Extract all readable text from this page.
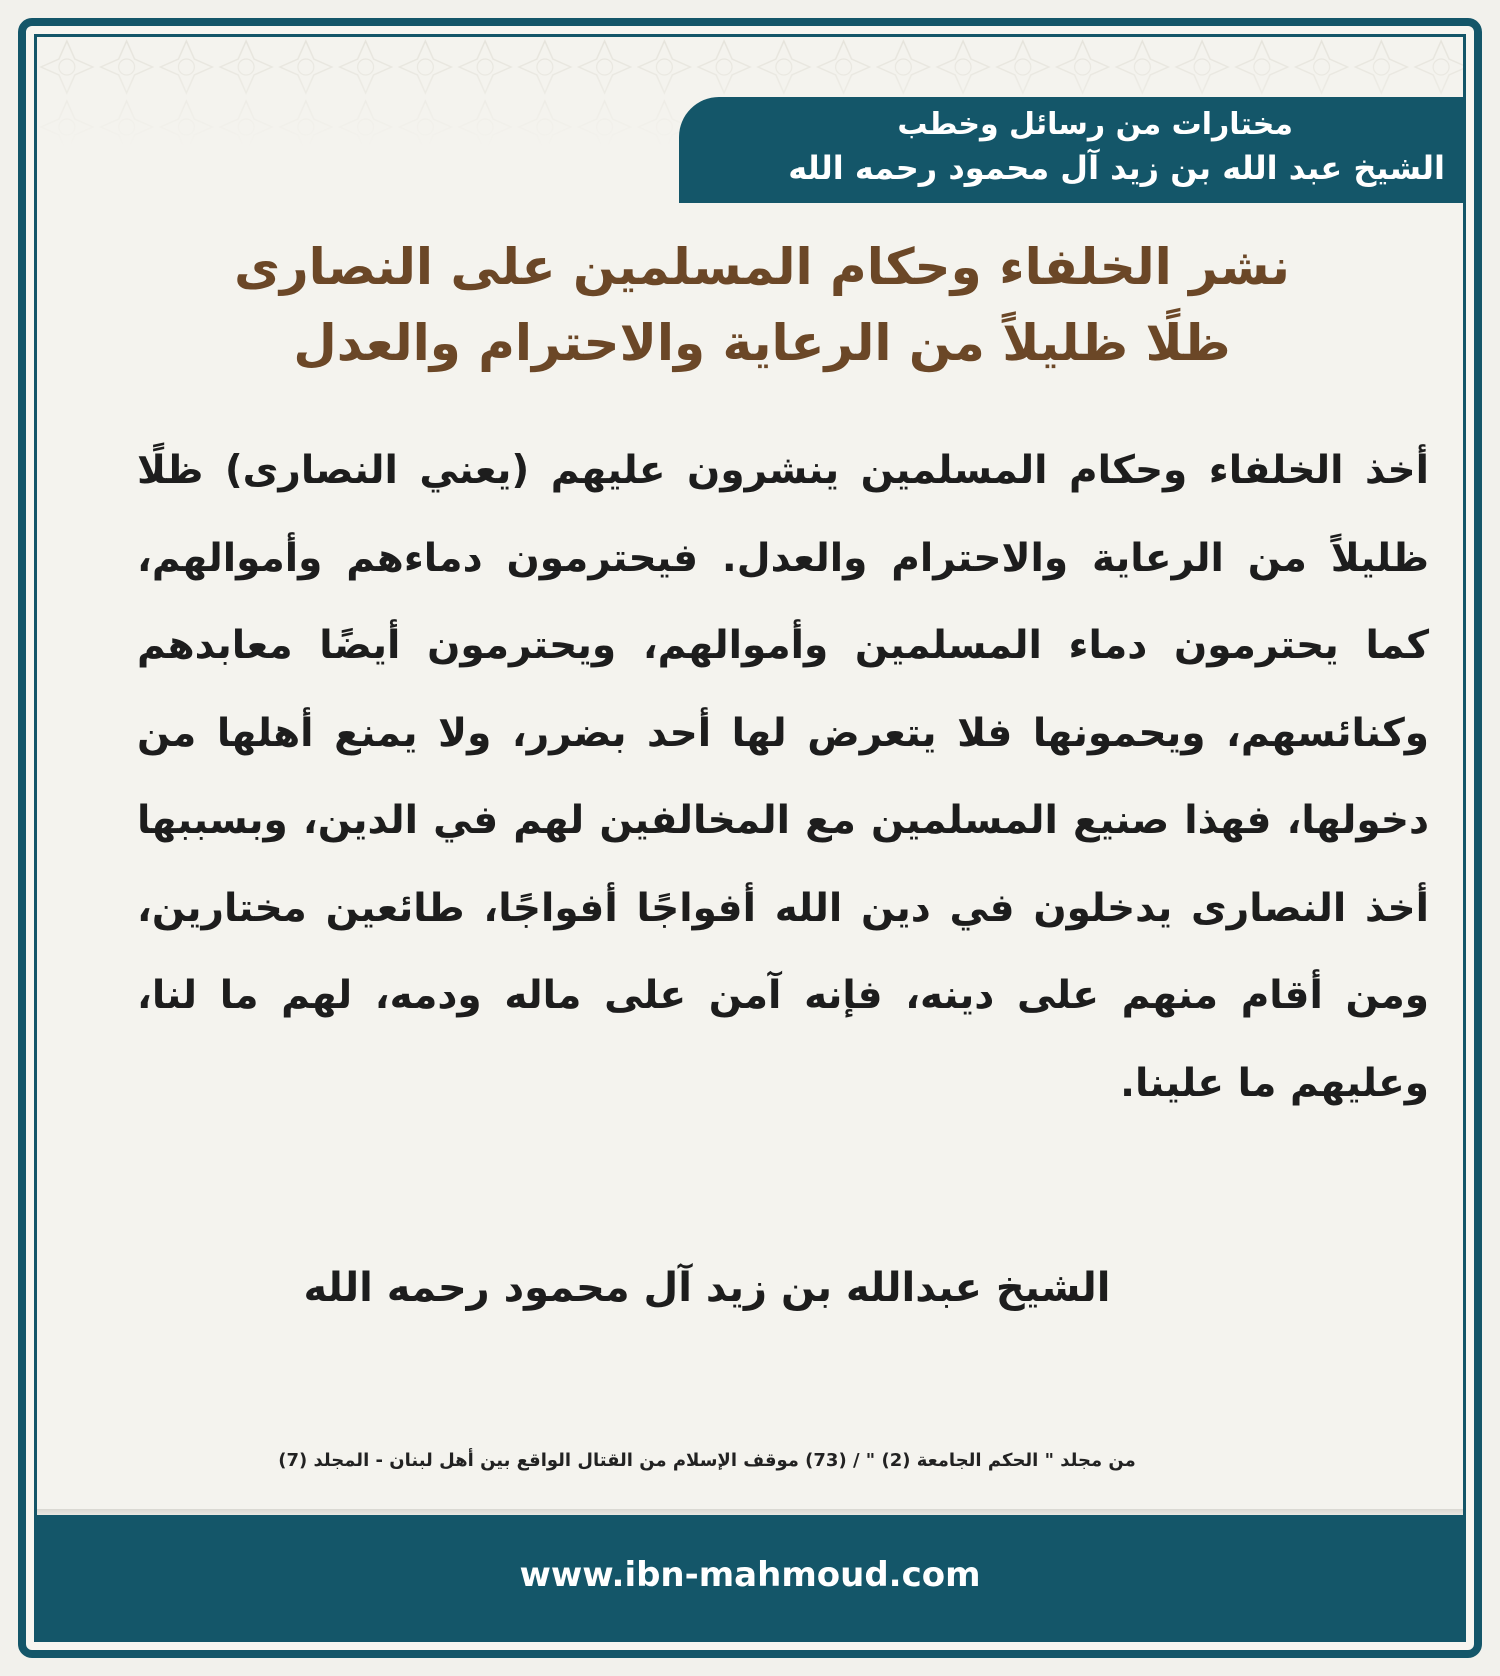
مختارات من رسائل وخطب
الشيخ عبد الله بن زيد آل محمود رحمه الله
نشر الخلفاء وحكام المسلمين على النصارى
ظلًا ظليلاً من الرعاية والاحترام والعدل
أخذ الخلفاء وحكام المسلمين ينشرون عليهم (يعني النصارى) ظلًا ظليلاً من الرعاية والاحترام والعدل. فيحترمون دماءهم وأموالهم، كما يحترمون دماء المسلمين وأموالهم، ويحترمون أيضًا معابدهم وكنائسهم، ويحمونها فلا يتعرض لها أحد بضرر، ولا يمنع أهلها من دخولها، فهذا صنيع المسلمين مع المخالفين لهم في الدين، وبسببها أخذ النصارى يدخلون في دين الله أفواجًا أفواجًا، طائعين مختارين، ومن أقام منهم على دينه، فإنه آمن على ماله ودمه، لهم ما لنا، وعليهم ما علينا.
الشيخ عبدالله بن زيد آل محمود رحمه الله
من مجلد " الحكم الجامعة (2) " / (73) موقف الإسلام من القتال الواقع بين أهل لبنان - المجلد (7)
www.ibn-mahmoud.com
